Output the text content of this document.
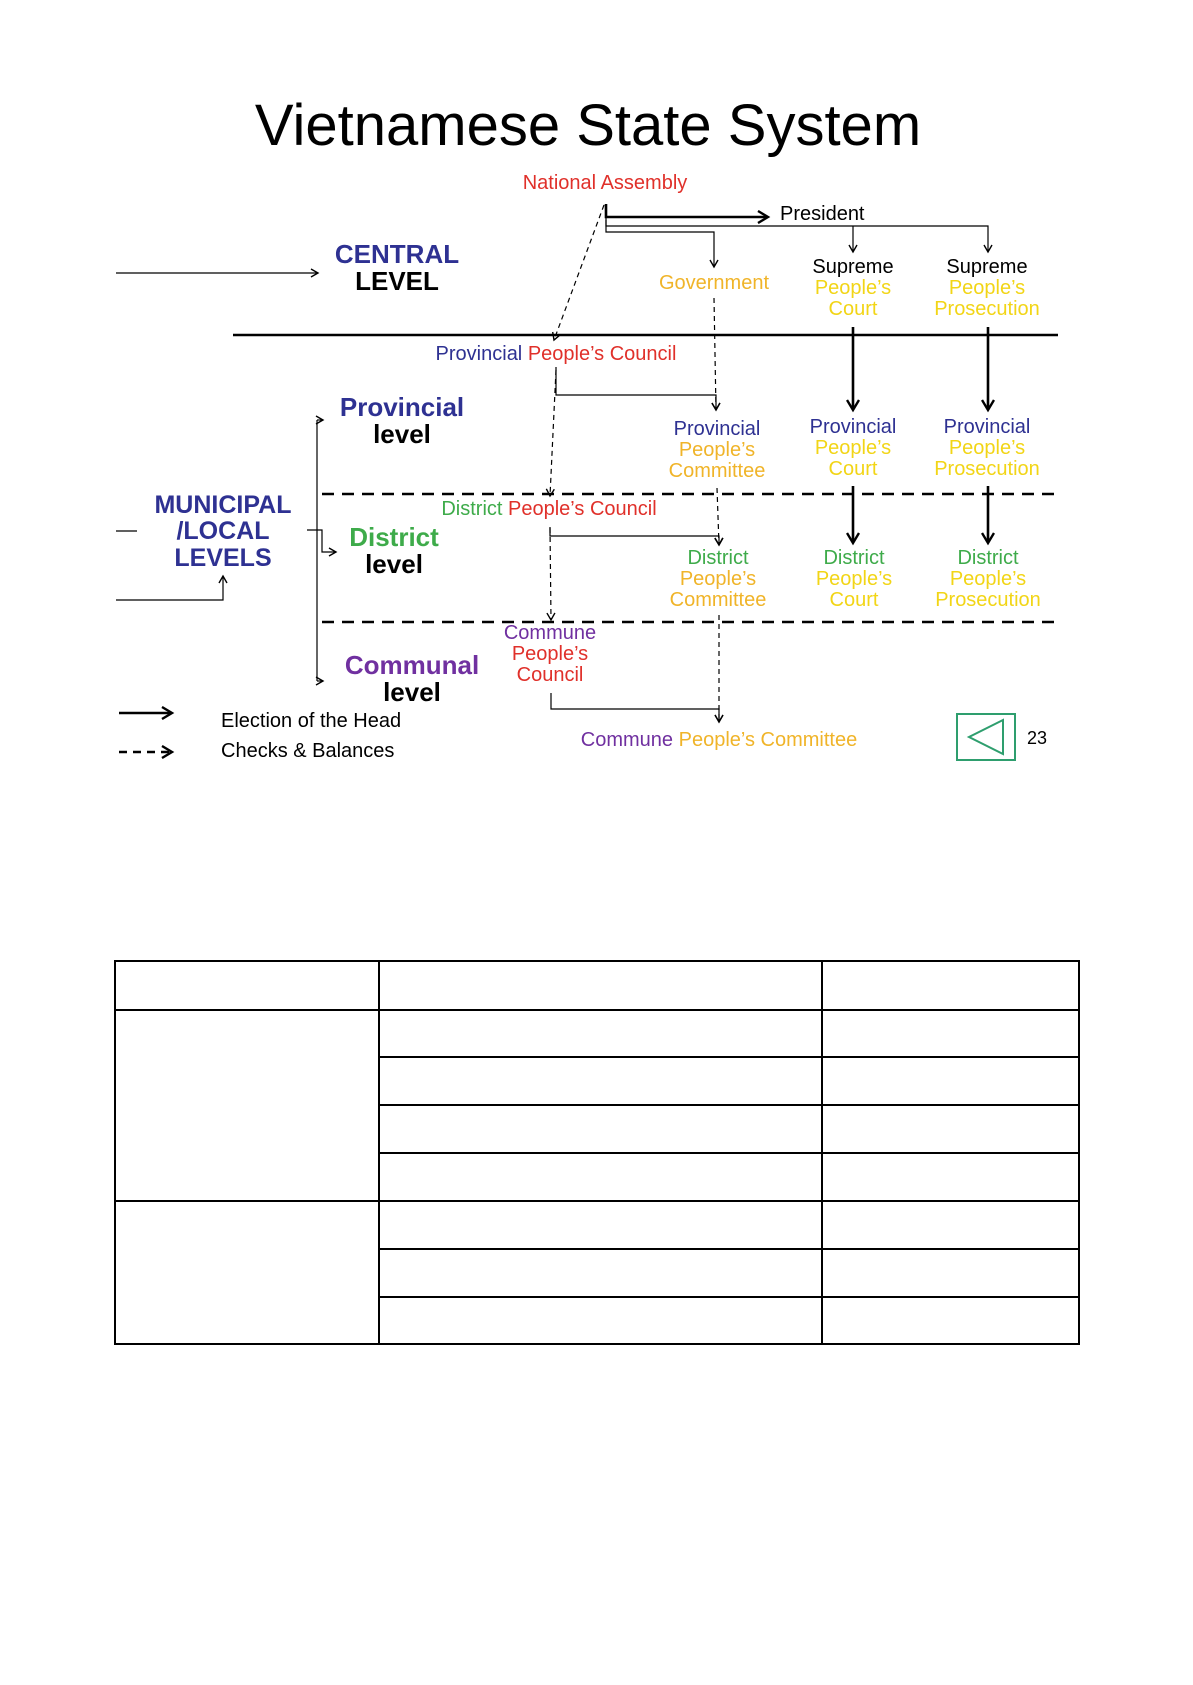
Vietnamese State System
CENTRAL
LEVEL
National Assembly
President
Government
Supreme
People’s
Court
Supreme
People’s
Prosecution
MUNICIPAL
/LOCAL
LEVELS
Provincial
level
Provincial People’s Council
Provincial
People’s
Committee
Provincial
People’s
Court
Provincial
People’s
Prosecution
District
level
District People’s Council
District
People’s
Committee
District
People’s
Court
District
People’s
Prosecution
Communal
level
Commune
People’s
Council
Commune People’s Committee
Election of the Head
Checks & Balances
23
